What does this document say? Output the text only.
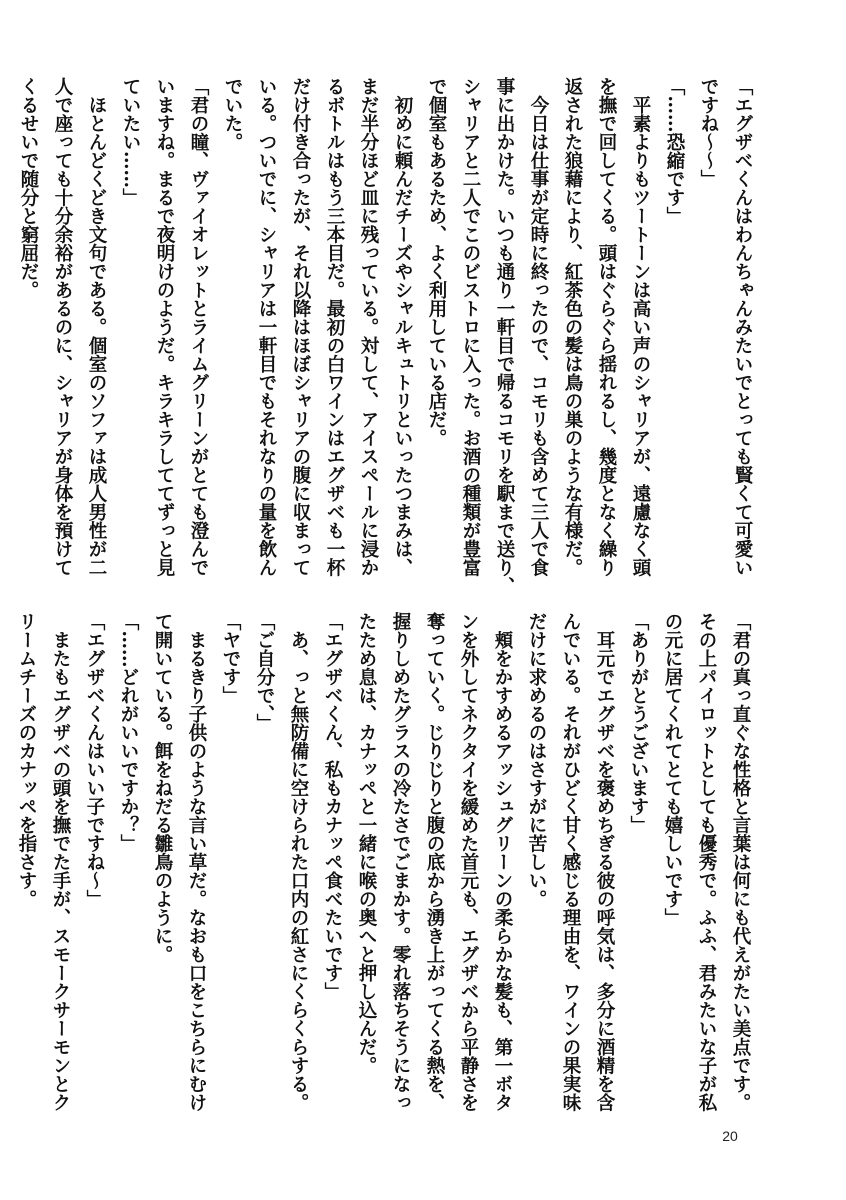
「エグザベくんはわんちゃんみたいでとっても賢くて可愛い
ですね〜〜」
「……恐縮です」
　平素よりもツートーンは高い声のシャリアが、遠慮なく頭
を撫で回してくる。頭はぐらぐら揺れるし、幾度となく繰り
返された狼藉により、紅茶色の髪は鳥の巣のような有様だ。
　今日は仕事が定時に終ったので、コモリも含めて三人で食
事に出かけた。いつも通り一軒目で帰るコモリを駅まで送り、
シャリアと二人でこのビストロに入った。お酒の種類が豊富
で個室もあるため、よく利用している店だ。
　初めに頼んだチーズやシャルキュトリといったつまみは、
まだ半分ほど皿に残っている。対して、アイスペールに浸か
るボトルはもう三本目だ。最初の白ワインはエグザベも一杯
だけ付き合ったが、それ以降はほぼシャリアの腹に収まって
いる。ついでに、シャリアは一軒目でもそれなりの量を飲ん
でいた。
「君の瞳、ヴァイオレットとライムグリーンがとても澄んで
いますね。まるで夜明けのようだ。キラキラしててずっと見
ていたい……」
　ほとんどくどき文句である。個室のソファは成人男性が二
人で座っても十分余裕があるのに、シャリアが身体を預けて
くるせいで随分と窮屈だ。
「君の真っ直ぐな性格と言葉は何にも代えがたい美点です。
その上パイロットとしても優秀で。ふふ、君みたいな子が私
の元に居てくれてとても嬉しいです」
「ありがとうございます」
　耳元でエグザベを褒めちぎる彼の呼気は、多分に酒精を含
んでいる。それがひどく甘く感じる理由を、ワインの果実味
だけに求めるのはさすがに苦しい。
　頬をかすめるアッシュグリーンの柔らかな髪も、第一ボタ
ンを外してネクタイを緩めた首元も、エグザベから平静さを
奪っていく。じりじりと腹の底から湧き上がってくる熱を、
握りしめたグラスの冷たさでごまかす。零れ落ちそうになっ
たため息は、カナッペと一緒に喉の奥へと押し込んだ。
「エグザベくん、私もカナッペ食べたいです」
　あ、っと無防備に空けられた口内の紅さにくらくらする。
「ご自分で、」
「ヤです」
　まるきり子供のような言い草だ。なおも口をこちらにむけ
て開いている。餌をねだる雛鳥のように。
「……どれがいいですか？」
「エグザベくんはいい子ですね〜」
　またもエグザベの頭を撫でた手が、スモークサーモンとク
リームチーズのカナッペを指さす。
20
